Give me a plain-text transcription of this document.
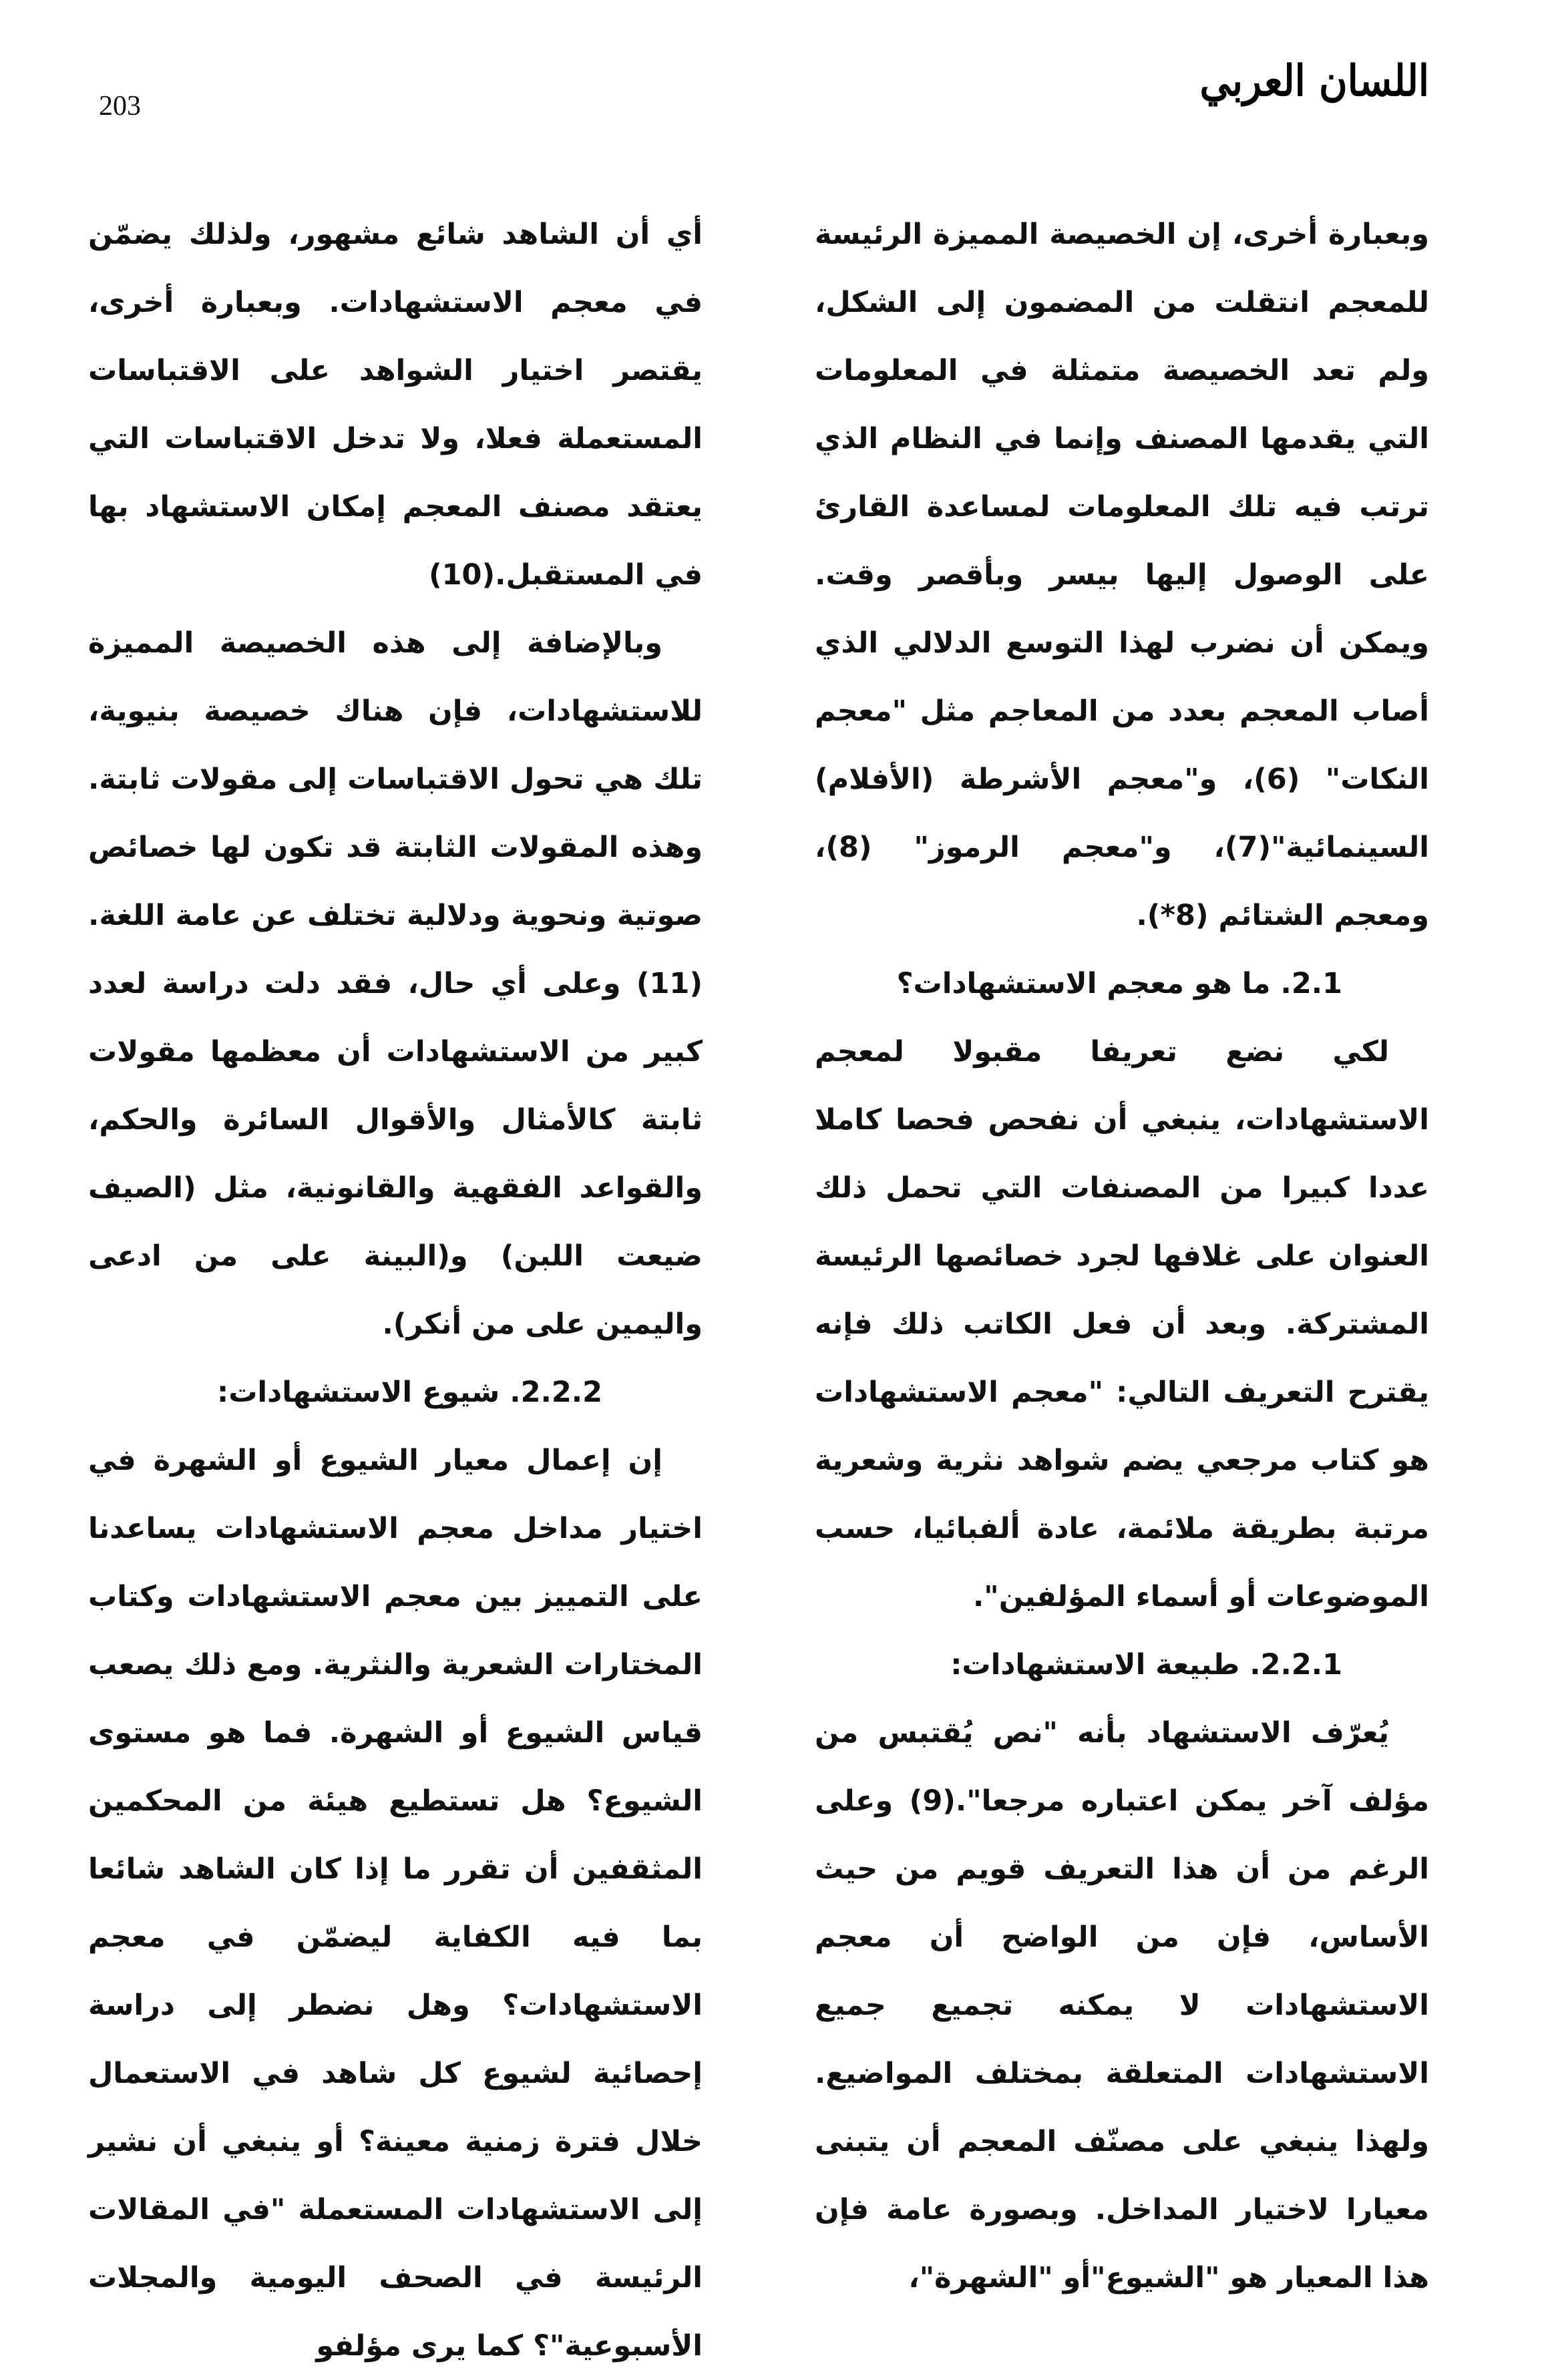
اللسان العربي
203

وبعبارة أخرى، إن الخصيصة المميزة الرئيسة للمعجم انتقلت من المضمون إلى الشكل، ولم تعد الخصيصة متمثلة في المعلومات التي يقدمها المصنف وإنما في النظام الذي ترتب فيه تلك المعلومات لمساعدة القارئ على الوصول إليها بيسر وبأقصر وقت. ويمكن أن نضرب لهذا التوسع الدلالي الذي أصاب المعجم بعدد من المعاجم مثل "معجم النكات" (6)، و"معجم الأشرطة (الأفلام) السينمائية"(7)، و"معجم الرموز" (8)، ومعجم الشتائم (8*).

2.1. ما هو معجم الاستشهادات؟

لكي نضع تعريفا مقبولا لمعجم الاستشهادات، ينبغي أن نفحص فحصا كاملا عددا كبيرا من المصنفات التي تحمل ذلك العنوان على غلافها لجرد خصائصها الرئيسة المشتركة. وبعد أن فعل الكاتب ذلك فإنه يقترح التعريف التالي: "معجم الاستشهادات هو كتاب مرجعي يضم شواهد نثرية وشعرية مرتبة بطريقة ملائمة، عادة ألفبائيا، حسب الموضوعات أو أسماء المؤلفين".

2.2.1. طبيعة الاستشهادات:

يُعرّف الاستشهاد بأنه "نص يُقتبس من مؤلف آخر يمكن اعتباره مرجعا".(9) وعلى الرغم من أن هذا التعريف قويم من حيث الأساس، فإن من الواضح أن معجم الاستشهادات لا يمكنه تجميع جميع الاستشهادات المتعلقة بمختلف المواضيع. ولهذا ينبغي على مصنّف المعجم أن يتبنى معيارا لاختيار المداخل. وبصورة عامة فإن هذا المعيار هو "الشيوع"أو "الشهرة"،

أي أن الشاهد شائع مشهور، ولذلك يضمّن في معجم الاستشهادات. وبعبارة أخرى، يقتصر اختيار الشواهد على الاقتباسات المستعملة فعلا، ولا تدخل الاقتباسات التي يعتقد مصنف المعجم إمكان الاستشهاد بها في المستقبل.(10)

وبالإضافة إلى هذه الخصيصة المميزة للاستشهادات، فإن هناك خصيصة بنيوية، تلك هي تحول الاقتباسات إلى مقولات ثابتة. وهذه المقولات الثابتة قد تكون لها خصائص صوتية ونحوية ودلالية تختلف عن عامة اللغة.(11) وعلى أي حال، فقد دلت دراسة لعدد كبير من الاستشهادات أن معظمها مقولات ثابتة كالأمثال والأقوال السائرة والحكم، والقواعد الفقهية والقانونية، مثل (الصيف ضيعت اللبن) و(البينة على من ادعى واليمين على من أنكر).

2.2.2. شيوع الاستشهادات:

إن إعمال معيار الشيوع أو الشهرة في اختيار مداخل معجم الاستشهادات يساعدنا على التمييز بين معجم الاستشهادات وكتاب المختارات الشعرية والنثرية. ومع ذلك يصعب قياس الشيوع أو الشهرة. فما هو مستوى الشيوع؟ هل تستطيع هيئة من المحكمين المثقفين أن تقرر ما إذا كان الشاهد شائعا بما فيه الكفاية ليضمّن في معجم الاستشهادات؟ وهل نضطر إلى دراسة إحصائية لشيوع كل شاهد في الاستعمال خلال فترة زمنية معينة؟ أو ينبغي أن نشير إلى الاستشهادات المستعملة "في المقالات الرئيسة في الصحف اليومية والمجلات الأسبوعية"؟ كما يرى مؤلفو
